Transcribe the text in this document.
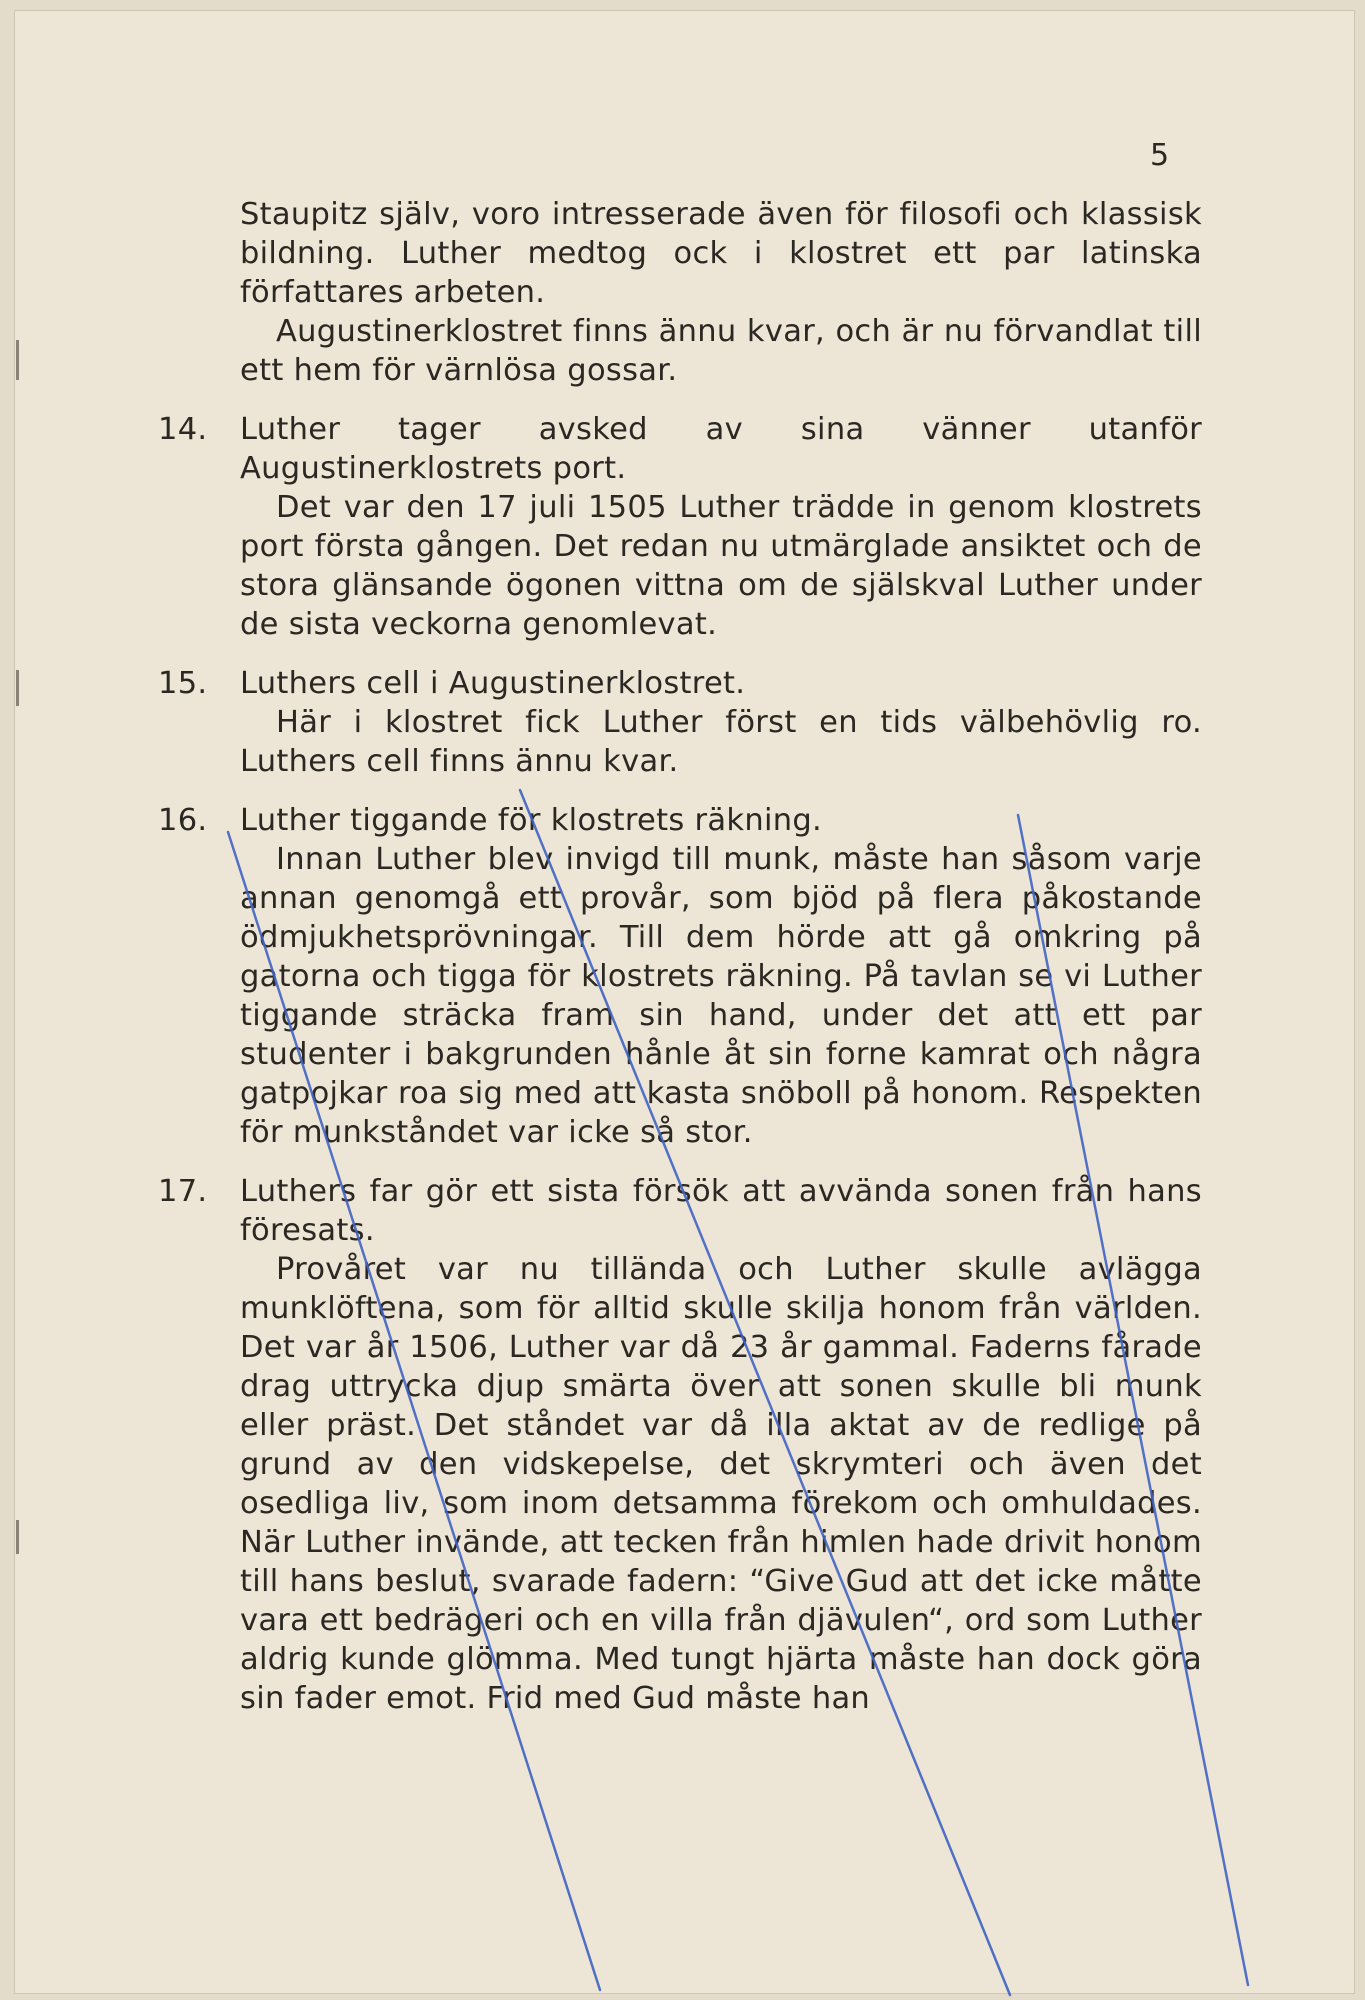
5

Staupitz själv, voro intresserade även för filosofi och klassisk bildning. Luther medtog ock i klostret ett par latinska författares arbeten.

Augustinerklostret finns ännu kvar, och är nu förvandlat till ett hem för värnlösa gossar.

14.	Luther tager avsked av sina vänner utanför Augustinerklostrets port.

Det var den 17 juli 1505 Luther trädde in genom klostrets port första gången. Det redan nu utmärglade ansiktet och de stora glänsande ögonen vittna om de själskval Luther under de sista veckorna genomlevat.

15.	Luthers cell i Augustinerklostret.

Här i klostret fick Luther först en tids välbehövlig ro. Luthers cell finns ännu kvar.

16.	Luther tiggande för klostrets räkning.

Innan Luther blev invigd till munk, måste han såsom varje annan genomgå ett provår, som bjöd på flera påkostande ödmjukhetsprövningar. Till dem hörde att gå omkring på gatorna och tigga för klostrets räkning. På tavlan se vi Luther tiggande sträcka fram sin hand, under det att ett par studenter i bakgrunden hånle åt sin forne kamrat och några gatpojkar roa sig med att kasta snöboll på honom. Respekten för munkståndet var icke så stor.

17.	Luthers far gör ett sista försök att avvända sonen från hans föresats.

Provåret var nu tillända och Luther skulle avlägga munklöftena, som för alltid skulle skilja honom från världen. Det var år 1506, Luther var då 23 år gammal. Faderns fårade drag uttrycka djup smärta över att sonen skulle bli munk eller präst. Det ståndet var då illa aktat av de redlige på grund av den vidskepelse, det skrymteri och även det osedliga liv, som inom detsamma förekom och omhuldades. När Luther invände, att tecken från himlen hade drivit honom till hans beslut, svarade fadern: “Give Gud att det icke måtte vara ett bedrägeri och en villa från djävulen“, ord som Luther aldrig kunde glömma. Med tungt hjärta måste han dock göra sin fader emot. Frid med Gud måste han
